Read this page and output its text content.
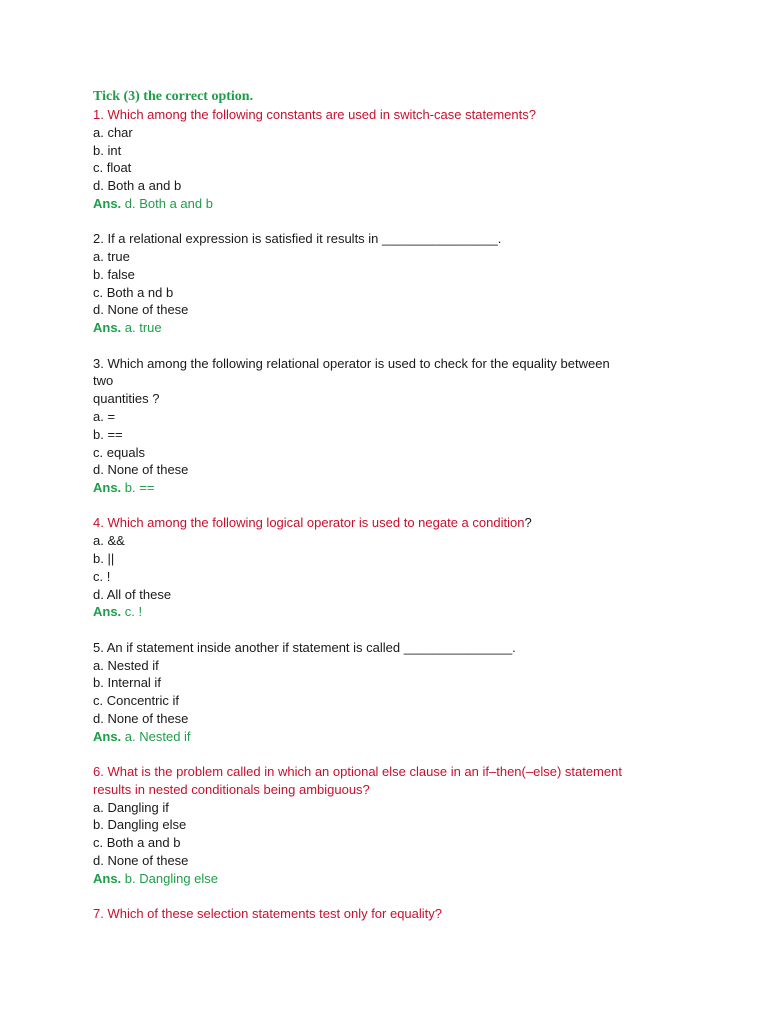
Tick (3) the correct option.
1. Which among the following constants are used in switch-case statements?
a. char
b. int
c. float
d. Both a and b
Ans. d. Both a and b
2. If a relational expression is satisfied it results in ________________.
a. true
b. false
c. Both a nd b
d. None of these
Ans. a. true
3. Which among the following relational operator is used to check for the equality between
two
quantities ?
a. =
b. ==
c. equals
d. None of these
Ans. b. ==
4. Which among the following logical operator is used to negate a condition?
a. &&
b. ||
c. !
d. All of these
Ans. c. !
5. An if statement inside another if statement is called _______________.
a. Nested if
b. Internal if
c. Concentric if
d. None of these
Ans. a. Nested if
6. What is the problem called in which an optional else clause in an if–then(–else) statement
results in nested conditionals being ambiguous?
a. Dangling if
b. Dangling else
c. Both a and b
d. None of these
Ans. b. Dangling else
7. Which of these selection statements test only for equality?
